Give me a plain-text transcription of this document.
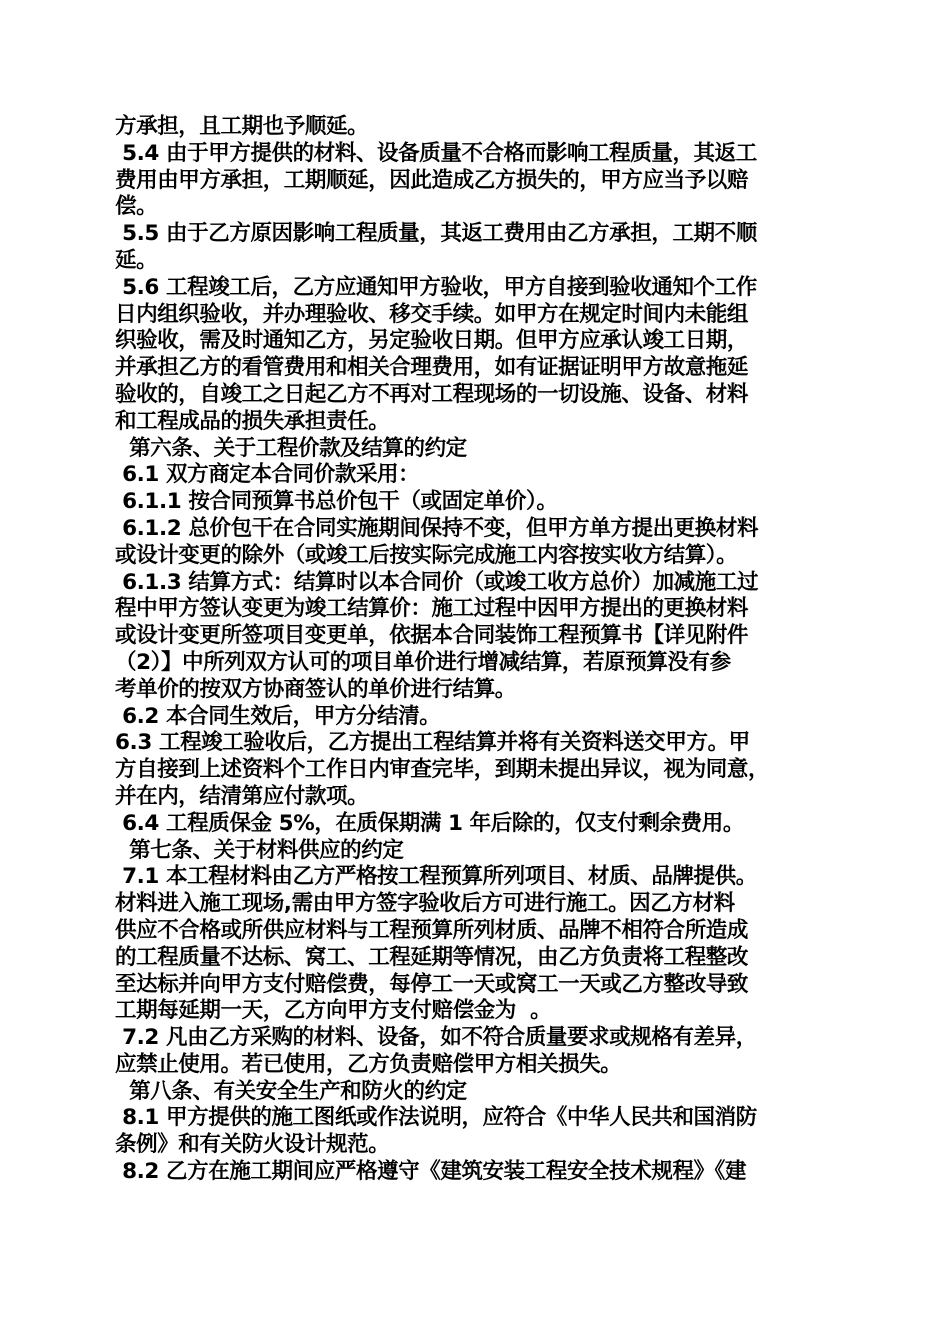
方承担，且工期也予顺延。
5.4 由于甲方提供的材料、设备质量不合格而影响工程质量，其返工
费用由甲方承担，工期顺延，因此造成乙方损失的，甲方应当予以赔
偿。
5.5 由于乙方原因影响工程质量，其返工费用由乙方承担，工期不顺
延。
5.6 工程竣工后，乙方应通知甲方验收，甲方自接到验收通知个工作
日内组织验收，并办理验收、移交手续。如甲方在规定时间内未能组
织验收，需及时通知乙方，另定验收日期。但甲方应承认竣工日期，
并承担乙方的看管费用和相关合理费用，如有证据证明甲方故意拖延
验收的，自竣工之日起乙方不再对工程现场的一切设施、设备、材料
和工程成品的损失承担责任。
第六条、关于工程价款及结算的约定
6.1 双方商定本合同价款采用：
6.1.1 按合同预算书总价包干（或固定单价）。
6.1.2 总价包干在合同实施期间保持不变，但甲方单方提出更换材料
或设计变更的除外（或竣工后按实际完成施工内容按实收方结算）。
6.1.3 结算方式：结算时以本合同价（或竣工收方总价）加减施工过
程中甲方签认变更为竣工结算价：施工过程中因甲方提出的更换材料
或设计变更所签项目变更单，依据本合同装饰工程预算书【详见附件
（2）】中所列双方认可的项目单价进行增减结算，若原预算没有参
考单价的按双方协商签认的单价进行结算。
6.2 本合同生效后，甲方分结清。
6.3 工程竣工验收后，乙方提出工程结算并将有关资料送交甲方。甲
方自接到上述资料个工作日内审查完毕，到期未提出异议，视为同意，
并在内，结清第应付款项。
6.4 工程质保金 5%，在质保期满 1 年后除的，仅支付剩余费用。
第七条、关于材料供应的约定
7.1 本工程材料由乙方严格按工程预算所列项目、材质、品牌提供。
材料进入施工现场,需由甲方签字验收后方可进行施工。因乙方材料
供应不合格或所供应材料与工程预算所列材质、品牌不相符合所造成
的工程质量不达标、窝工、工程延期等情况，由乙方负责将工程整改
至达标并向甲方支付赔偿费，每停工一天或窝工一天或乙方整改导致
工期每延期一天，乙方向甲方支付赔偿金为  。
7.2 凡由乙方采购的材料、设备，如不符合质量要求或规格有差异，
应禁止使用。若已使用，乙方负责赔偿甲方相关损失。
第八条、有关安全生产和防火的约定
8.1 甲方提供的施工图纸或作法说明，应符合《中华人民共和国消防
条例》和有关防火设计规范。
8.2 乙方在施工期间应严格遵守《建筑安装工程安全技术规程》《建
